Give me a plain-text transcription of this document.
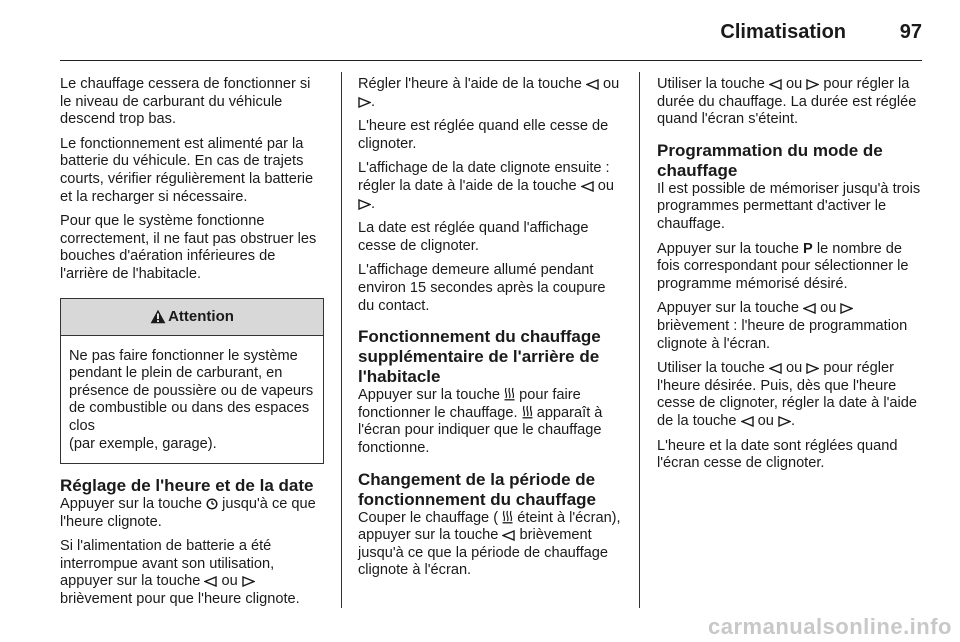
Climatisation	97

Le chauffage cessera de fonctionner si le niveau de carburant du véhicule descend trop bas.

Le fonctionnement est alimenté par la batterie du véhicule. En cas de trajets courts, vérifier régulièrement la batterie et la recharger si nécessaire.

Pour que le système fonctionne correctement, il ne faut pas obstruer les bouches d'aération inférieures de l'arrière de l'habitacle.

Attention
Ne pas faire fonctionner le système pendant le plein de carburant, en présence de poussière ou de vapeurs de combustible ou dans des espaces clos
(par exemple, garage).
Réglage de l'heure et de la date

Appuyer sur la touche jusqu'à ce que l'heure clignote.

Si l'alimentation de batterie a été interrompue avant son utilisation, appuyer sur la touche ou  brièvement pour que l'heure clignote.

Régler l'heure à l'aide de la touche ou .

L'heure est réglée quand elle cesse de clignoter.

L'affichage de la date clignote ensuite : régler la date à l'aide de la touche ou .

La date est réglée quand l'affichage cesse de clignoter.

L'affichage demeure allumé pendant environ 15 secondes après la coupure du contact.

Fonctionnement du chauffage supplémentaire de l'arrière de l'habitacle

Appuyer sur la touche pour faire fonctionner le chauffage. apparaît à l'écran pour indiquer que le chauffage fonctionne.

Changement de la période de fonctionnement du chauffage

Couper le chauffage ( éteint à l'écran), appuyer sur la touche brièvement jusqu'à ce que la période de chauffage clignote à l'écran.

Utiliser la touche ou pour régler la durée du chauffage. La durée est réglée quand l'écran s'éteint.

Programmation du mode de chauffage

Il est possible de mémoriser jusqu'à trois programmes permettant d'activer le chauffage.

Appuyer sur la touche P le nombre de fois correspondant pour sélectionner le programme mémorisé désiré.

Appuyer sur la touche ou  brièvement : l'heure de programmation clignote à l'écran.

Utiliser la touche ou pour régler l'heure désirée. Puis, dès que l'heure cesse de clignoter, régler la date à l'aide de la touche ou .

L'heure et la date sont réglées quand l'écran cesse de clignoter.

carmanualsonline.info
